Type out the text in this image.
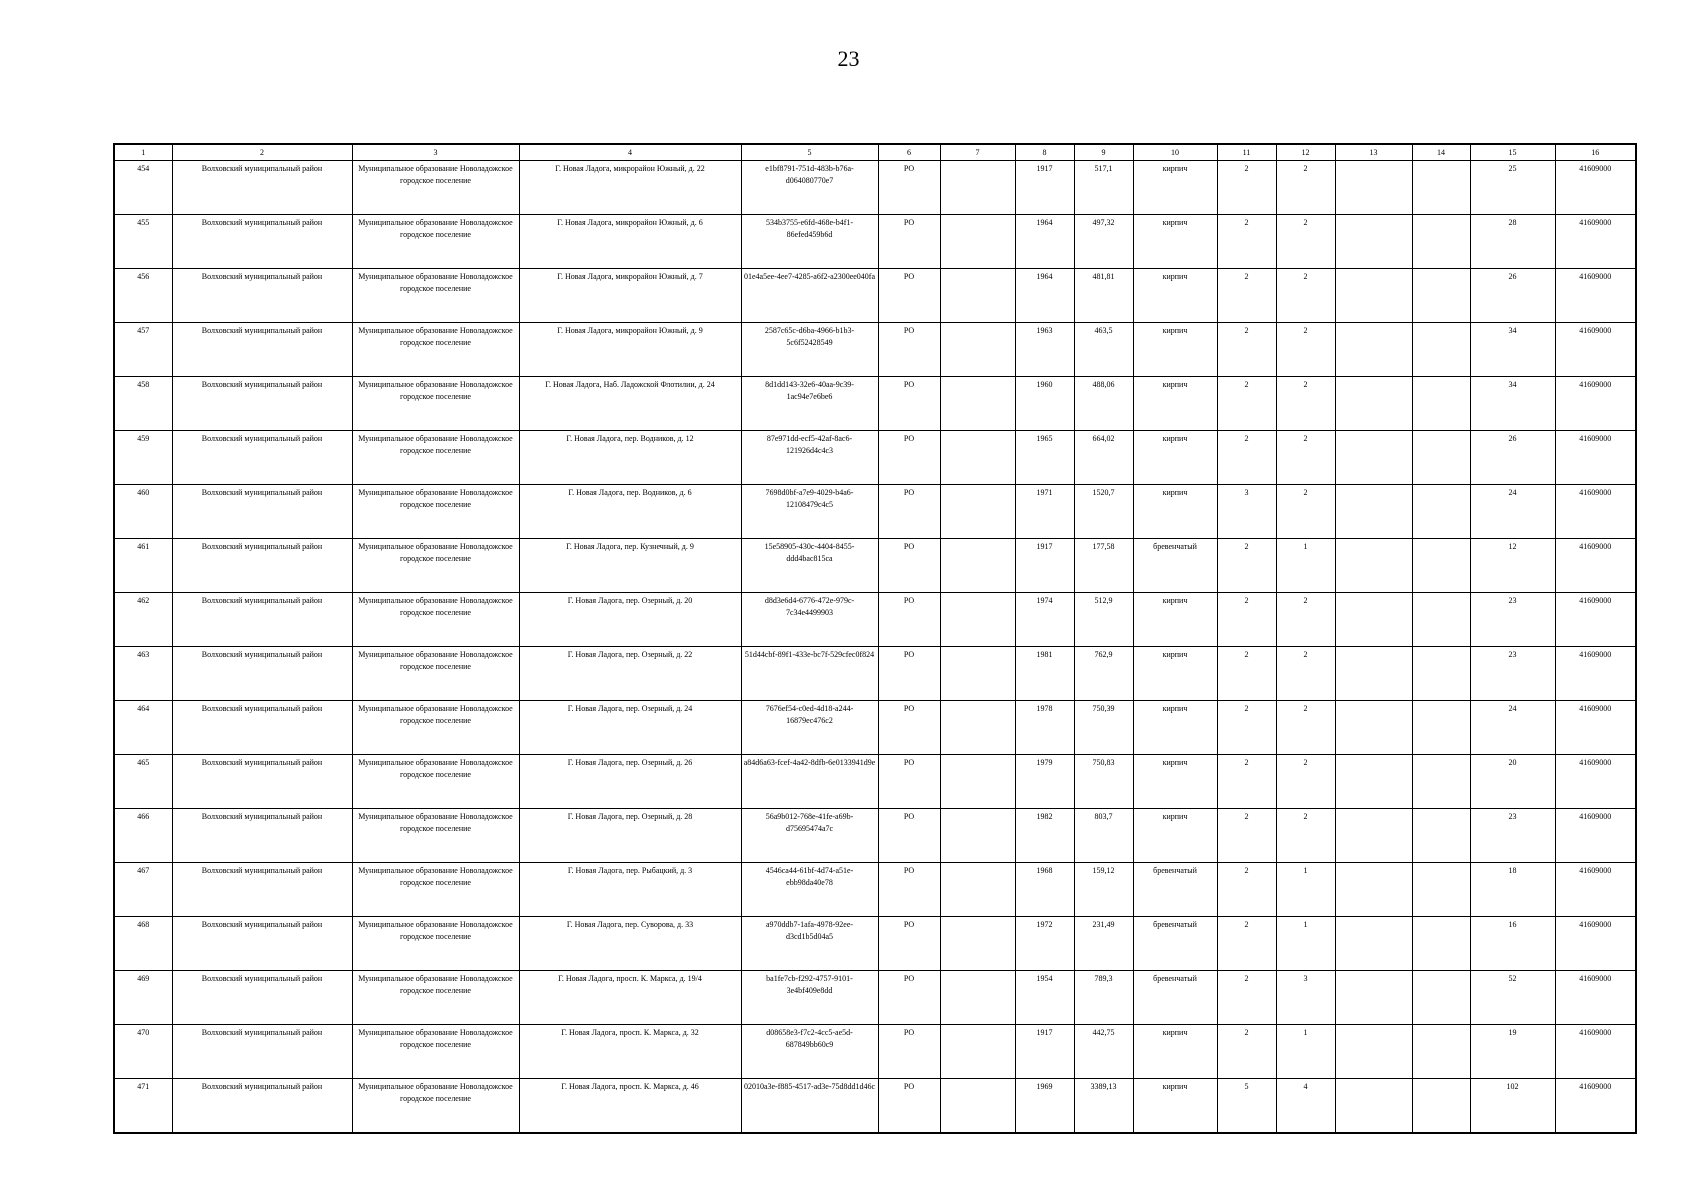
23
1	2	3	4	5	6	7	8	9	10	11	12	13	14	15	16
454	Волховский муниципальный район	Муниципальное образование Новоладожское городское поселение	Г. Новая Ладога, микрорайон Южный, д. 22	e1bf8791-751d-483b-b76a-d064080770e7	РО		1917	517,1	кирпич	2	2			25	41609000
455	Волховский муниципальный район	Муниципальное образование Новоладожское городское поселение	Г. Новая Ладога, микрорайон Южный, д. 6	534b3755-e6fd-468e-b4f1-86efed459b6d	РО		1964	497,32	кирпич	2	2			28	41609000
456	Волховский муниципальный район	Муниципальное образование Новоладожское городское поселение	Г. Новая Ладога, микрорайон Южный, д. 7	01e4a5ee-4ee7-4285-a6f2-a2300ee040fa	РО		1964	481,81	кирпич	2	2			26	41609000
457	Волховский муниципальный район	Муниципальное образование Новоладожское городское поселение	Г. Новая Ладога, микрорайон Южный, д. 9	2587c65c-d6ba-4966-b1b3-5c6f52428549	РО		1963	463,5	кирпич	2	2			34	41609000
458	Волховский муниципальный район	Муниципальное образование Новоладожское городское поселение	Г. Новая Ладога, Наб. Ладожской Флотилии, д. 24	8d1dd143-32e6-40aa-9c39-1ac94e7e6be6	РО		1960	488,06	кирпич	2	2			34	41609000
459	Волховский муниципальный район	Муниципальное образование Новоладожское городское поселение	Г. Новая Ладога, пер. Водников, д. 12	87e971dd-ecf5-42af-8ac6-121926d4c4c3	РО		1965	664,02	кирпич	2	2			26	41609000
460	Волховский муниципальный район	Муниципальное образование Новоладожское городское поселение	Г. Новая Ладога, пер. Водников, д. 6	7698d0bf-a7e9-4029-b4a6-12108479c4c5	РО		1971	1520,7	кирпич	3	2			24	41609000
461	Волховский муниципальный район	Муниципальное образование Новоладожское городское поселение	Г. Новая Ладога, пер. Кузнечный, д. 9	15e58905-430c-4404-8455-ddd4bac815ca	РО		1917	177,58	бревенчатый	2	1			12	41609000
462	Волховский муниципальный район	Муниципальное образование Новоладожское городское поселение	Г. Новая Ладога, пер. Озерный, д. 20	d8d3e6d4-6776-472e-979c-7c34e4499903	РО		1974	512,9	кирпич	2	2			23	41609000
463	Волховский муниципальный район	Муниципальное образование Новоладожское городское поселение	Г. Новая Ладога, пер. Озерный, д. 22	51d44cbf-89f1-433e-bc7f-529cfec0f824	РО		1981	762,9	кирпич	2	2			23	41609000
464	Волховский муниципальный район	Муниципальное образование Новоладожское городское поселение	Г. Новая Ладога, пер. Озерный, д. 24	7676ef54-c0ed-4d18-a244-16879ec476c2	РО		1978	750,39	кирпич	2	2			24	41609000
465	Волховский муниципальный район	Муниципальное образование Новоладожское городское поселение	Г. Новая Ладога, пер. Озерный, д. 26	a84d6a63-fcef-4a42-8dfb-6e0133941d9e	РО		1979	750,83	кирпич	2	2			20	41609000
466	Волховский муниципальный район	Муниципальное образование Новоладожское городское поселение	Г. Новая Ладога, пер. Озерный, д. 28	56a9b012-768e-41fe-a69b-d75695474a7c	РО		1982	803,7	кирпич	2	2			23	41609000
467	Волховский муниципальный район	Муниципальное образование Новоладожское городское поселение	Г. Новая Ладога, пер. Рыбацкий, д. 3	4546ca44-61bf-4d74-a51e-ebb98da40e78	РО		1968	159,12	бревенчатый	2	1			18	41609000
468	Волховский муниципальный район	Муниципальное образование Новоладожское городское поселение	Г. Новая Ладога, пер. Суворова, д. 33	a970ddb7-1afa-4978-92ee-d3cd1b5d04a5	РО		1972	231,49	бревенчатый	2	1			16	41609000
469	Волховский муниципальный район	Муниципальное образование Новоладожское городское поселение	Г. Новая Ладога, просп. К. Маркса, д. 19/4	ba1fe7cb-f292-4757-9101-3e4bf409e8dd	РО		1954	789,3	бревенчатый	2	3			52	41609000
470	Волховский муниципальный район	Муниципальное образование Новоладожское городское поселение	Г. Новая Ладога, просп. К. Маркса, д. 32	d08658e3-f7c2-4cc5-ae5d-687849bb60c9	РО		1917	442,75	кирпич	2	1			19	41609000
471	Волховский муниципальный район	Муниципальное образование Новоладожское городское поселение	Г. Новая Ладога, просп. К. Маркса, д. 46	02010a3e-f885-4517-ad3e-75d8dd1d46c	РО		1969	3389,13	кирпич	5	4			102	41609000
